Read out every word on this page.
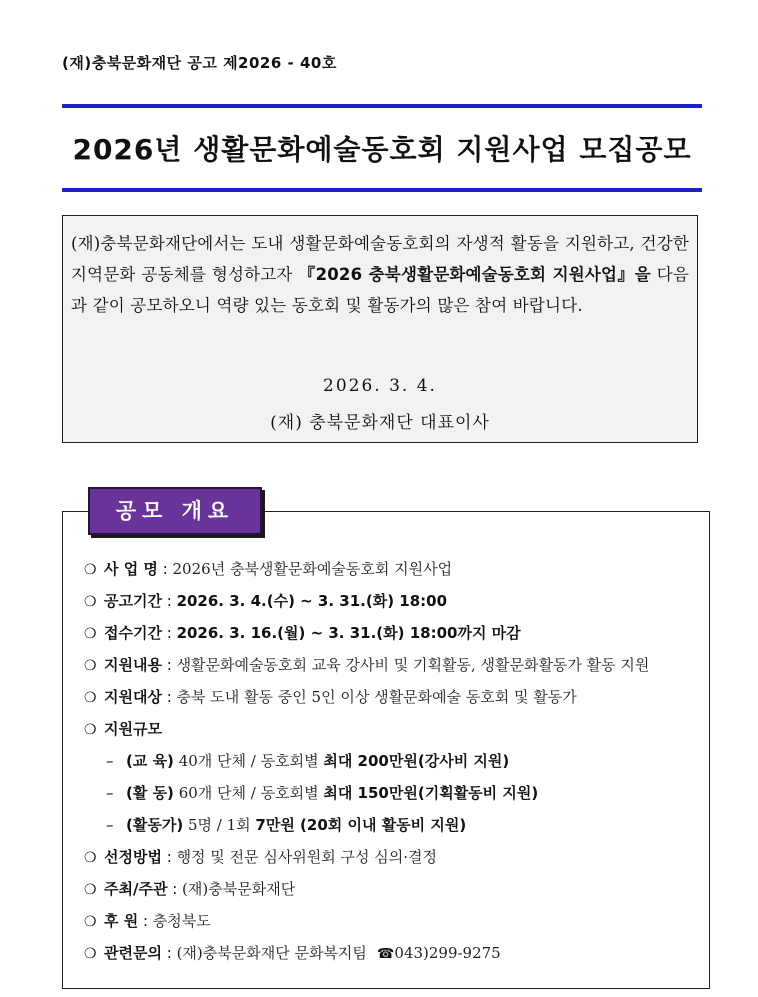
(재)충북문화재단 공고 제2026 - 40호
2026년 생활문화예술동호회 지원사업 모집공모
(재)충북문화재단에서는 도내 생활문화예술동호회의 자생적 활동을 지원하고, 건강한 지역문화 공동체를 형성하고자 『2026 충북생활문화예술동호회 지원사업』을 다음과 같이 공모하오니 역량 있는 동호회 및 활동가의 많은 참여 바랍니다.
2026. 3. 4.
(재) 충북문화재단 대표이사
공모 개요
❍ 사 업 명 : 2026년 충북생활문화예술동호회 지원사업
❍ 공고기간 : 2026. 3. 4.(수) ~ 3. 31.(화) 18:00
❍ 접수기간 : 2026. 3. 16.(월) ~ 3. 31.(화) 18:00까지 마감
❍ 지원내용 : 생활문화예술동호회 교육 강사비 및 기획활동, 생활문화활동가 활동 지원
❍ 지원대상 : 충북 도내 활동 중인 5인 이상 생활문화예술 동호회 및 활동가
❍ 지원규모
– (교 육) 40개 단체 / 동호회별 최대 200만원(강사비 지원)
– (활 동) 60개 단체 / 동호회별 최대 150만원(기획활동비 지원)
– (활동가) 5명 / 1회 7만원 (20회 이내 활동비 지원)
❍ 선정방법 : 행정 및 전문 심사위원회 구성 심의·결정
❍ 주최/주관 : (재)충북문화재단
❍ 후 원 : 충청북도
❍ 관련문의 : (재)충북문화재단 문화복지팀 ☎043)299-9275
